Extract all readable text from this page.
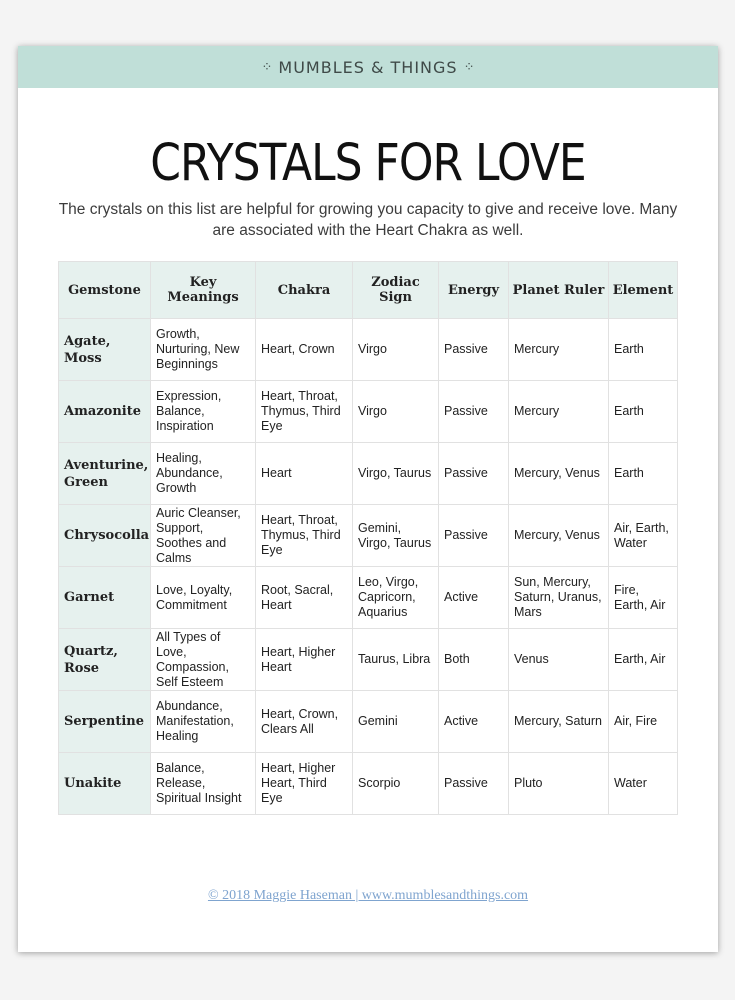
⁘ MUMBLES & THINGS ⁘
CRYSTALS FOR LOVE
The crystals on this list are helpful for growing you capacity to give and receive love. Many are associated with the Heart Chakra as well.
Gemstone	Key Meanings	Chakra	Zodiac Sign	Energy	Planet Ruler	Element
Agate, Moss	Growth, Nurturing, New Beginnings	Heart, Crown	Virgo	Passive	Mercury	Earth
Amazonite	Expression, Balance, Inspiration	Heart, Throat, Thymus, Third Eye	Virgo	Passive	Mercury	Earth
Aventurine, Green	Healing, Abundance, Growth	Heart	Virgo, Taurus	Passive	Mercury, Venus	Earth
Chrysocolla	Auric Cleanser, Support, Soothes and Calms	Heart, Throat, Thymus, Third Eye	Gemini, Virgo, Taurus	Passive	Mercury, Venus	Air, Earth, Water
Garnet	Love, Loyalty, Commitment	Root, Sacral, Heart	Leo, Virgo, Capricorn, Aquarius	Active	Sun, Mercury, Saturn, Uranus, Mars	Fire, Earth, Air
Quartz, Rose	All Types of Love, Compassion, Self Esteem	Heart, Higher Heart	Taurus, Libra	Both	Venus	Earth, Air
Serpentine	Abundance, Manifestation, Healing	Heart, Crown, Clears All	Gemini	Active	Mercury, Saturn	Air, Fire
Unakite	Balance, Release, Spiritual Insight	Heart, Higher Heart, Third Eye	Scorpio	Passive	Pluto	Water
© 2018 Maggie Haseman | www.mumblesandthings.com
